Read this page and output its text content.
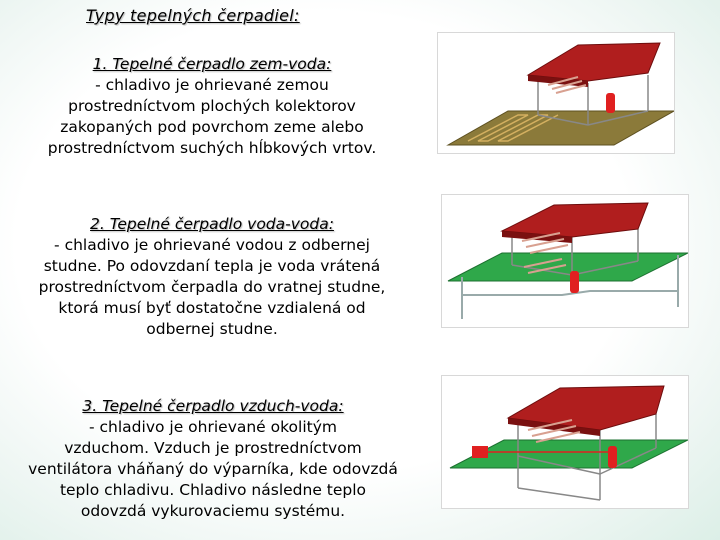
Typy tepelných čerpadiel:
1. Tepelné čerpadlo zem-voda:
- chladivo je ohrievané zemou
prostredníctvom plochých kolektorov
zakopaných pod povrchom zeme alebo
prostredníctvom suchých hĺbkových vrtov.
2. Tepelné čerpadlo voda-voda:
- chladivo je ohrievané vodou z odbernej
studne. Po odovzdaní tepla je voda vrátená
prostredníctvom čerpadla do vratnej studne,
ktorá musí byť dostatočne vzdialená od
odbernej studne.
3. Tepelné čerpadlo vzduch-voda:
- chladivo je ohrievané okolitým
vzduchom. Vzduch je prostredníctvom
ventilátora vháňaný do výparníka, kde odovzdá
teplo chladivu. Chladivo následne teplo
odovzdá vykurovaciemu systému.
